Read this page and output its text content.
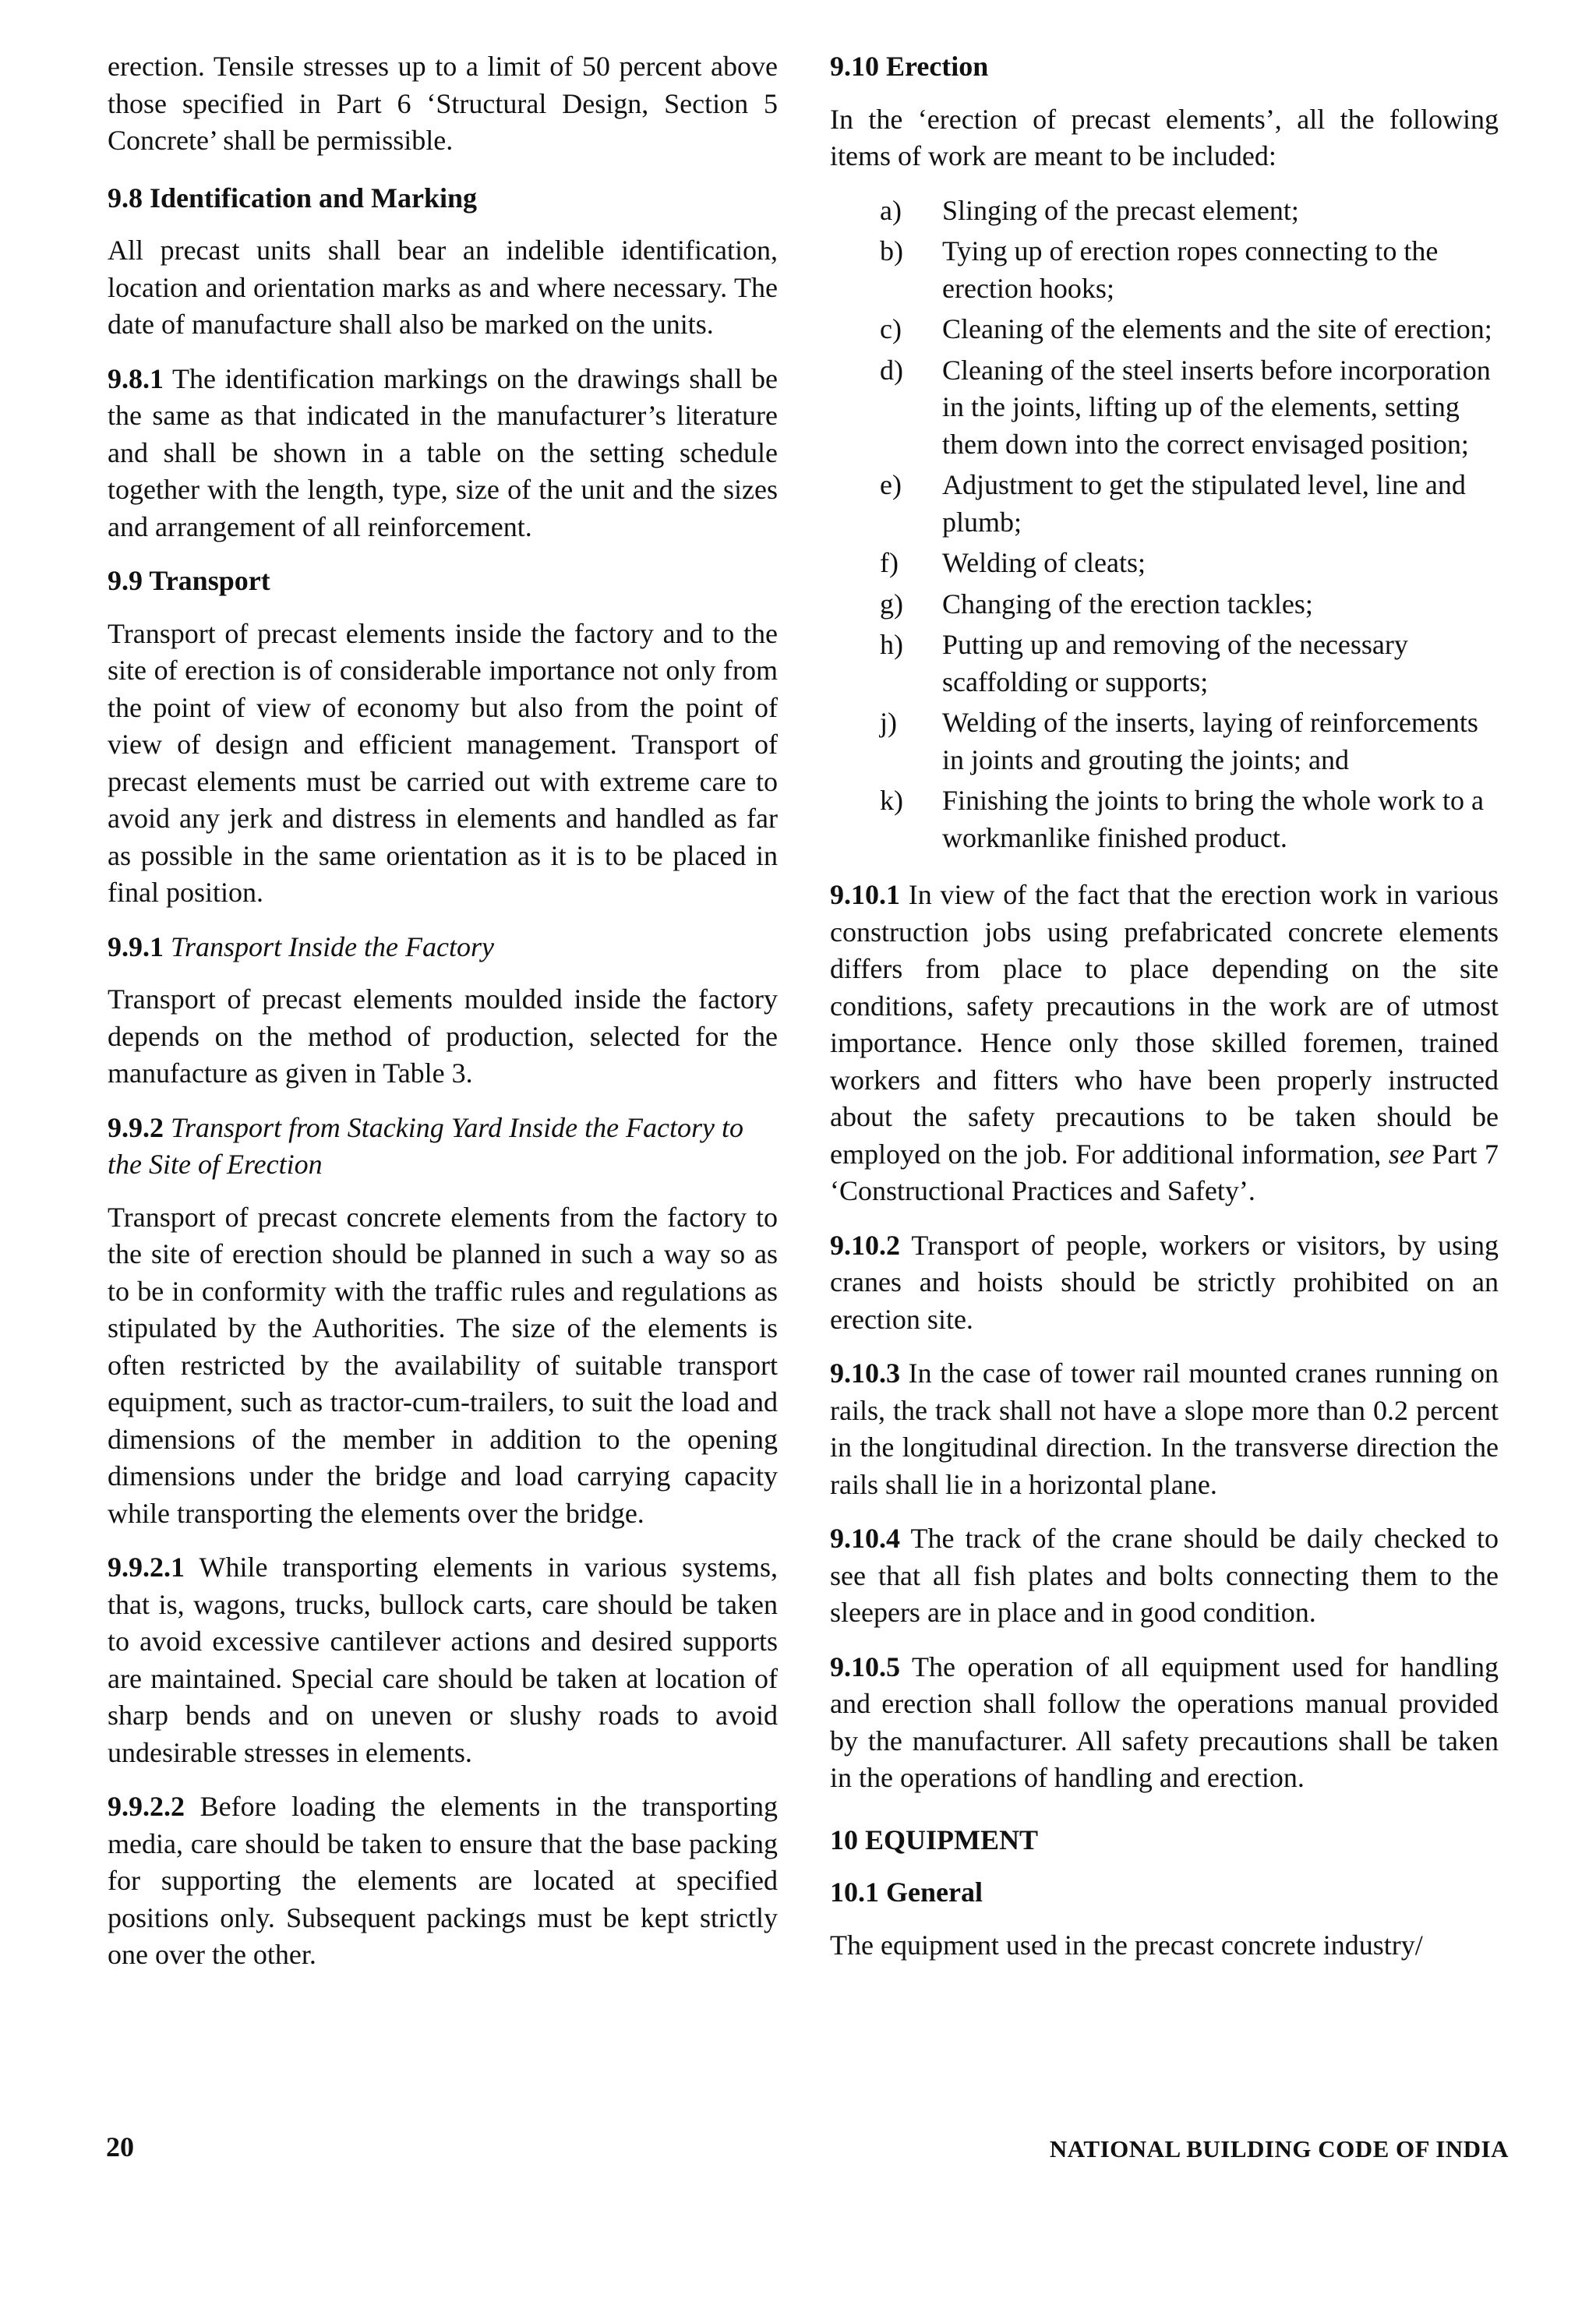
erection. Tensile stresses up to a limit of 50 percent above those specified in Part 6 ‘Structural Design, Section 5 Concrete’ shall be permissible.

9.8 Identification and Marking

All precast units shall bear an indelible identification, location and orientation marks as and where necessary. The date of manufacture shall also be marked on the units.

9.8.1 The identification markings on the drawings shall be the same as that indicated in the manufacturer’s literature and shall be shown in a table on the setting schedule together with the length, type, size of the unit and the sizes and arrangement of all reinforcement.

9.9 Transport

Transport of precast elements inside the factory and to the site of erection is of considerable importance not only from the point of view of economy but also from the point of view of design and efficient management. Transport of precast elements must be carried out with extreme care to avoid any jerk and distress in elements and handled as far as possible in the same orientation as it is to be placed in final position.

9.9.1 Transport Inside the Factory

Transport of precast elements moulded inside the factory depends on the method of production, selected for the manufacture as given in Table 3.

9.9.2 Transport from Stacking Yard Inside the Factory to the Site of Erection

Transport of precast concrete elements from the factory to the site of erection should be planned in such a way so as to be in conformity with the traffic rules and regulations as stipulated by the Authorities. The size of the elements is often restricted by the availability of suitable transport equipment, such as tractor-cum-trailers, to suit the load and dimensions of the member in addition to the opening dimensions under the bridge and load carrying capacity while transporting the elements over the bridge.

9.9.2.1 While transporting elements in various systems, that is, wagons, trucks, bullock carts, care should be taken to avoid excessive cantilever actions and desired supports are maintained. Special care should be taken at location of sharp bends and on uneven or slushy roads to avoid undesirable stresses in elements.

9.9.2.2 Before loading the elements in the transporting media, care should be taken to ensure that the base packing for supporting the elements are located at specified positions only. Subsequent packings must be kept strictly one over the other.

9.10 Erection

In the ‘erection of precast elements’, all the following items of work are meant to be included:

a)	Slinging of the precast element;
b)	Tying up of erection ropes connecting to the erection hooks;
c)	Cleaning of the elements and the site of erection;
d)	Cleaning of the steel inserts before incorporation in the joints, lifting up of the elements, setting them down into the correct envisaged position;
e)	Adjustment to get the stipulated level, line and plumb;
f)	Welding of cleats;
g)	Changing of the erection tackles;
h)	Putting up and removing of the necessary scaffolding or supports;
j)	Welding of the inserts, laying of reinforcements in joints and grouting the joints; and
k)	Finishing the joints to bring the whole work to a workmanlike finished product.

9.10.1 In view of the fact that the erection work in various construction jobs using prefabricated concrete elements differs from place to place depending on the site conditions, safety precautions in the work are of utmost importance. Hence only those skilled foremen, trained workers and fitters who have been properly instructed about the safety precautions to be taken should be employed on the job. For additional information, see Part 7 ‘Constructional Practices and Safety’.

9.10.2 Transport of people, workers or visitors, by using cranes and hoists should be strictly prohibited on an erection site.

9.10.3 In the case of tower rail mounted cranes running on rails, the track shall not have a slope more than 0.2 percent in the longitudinal direction. In the transverse direction the rails shall lie in a horizontal plane.

9.10.4 The track of the crane should be daily checked to see that all fish plates and bolts connecting them to the sleepers are in place and in good condition.

9.10.5 The operation of all equipment used for handling and erection shall follow the operations manual provided by the manufacturer. All safety precautions shall be taken in the operations of handling and erection.

10 EQUIPMENT
10.1 General

The equipment used in the precast concrete industry/

20	NATIONAL BUILDING CODE OF INDIA
